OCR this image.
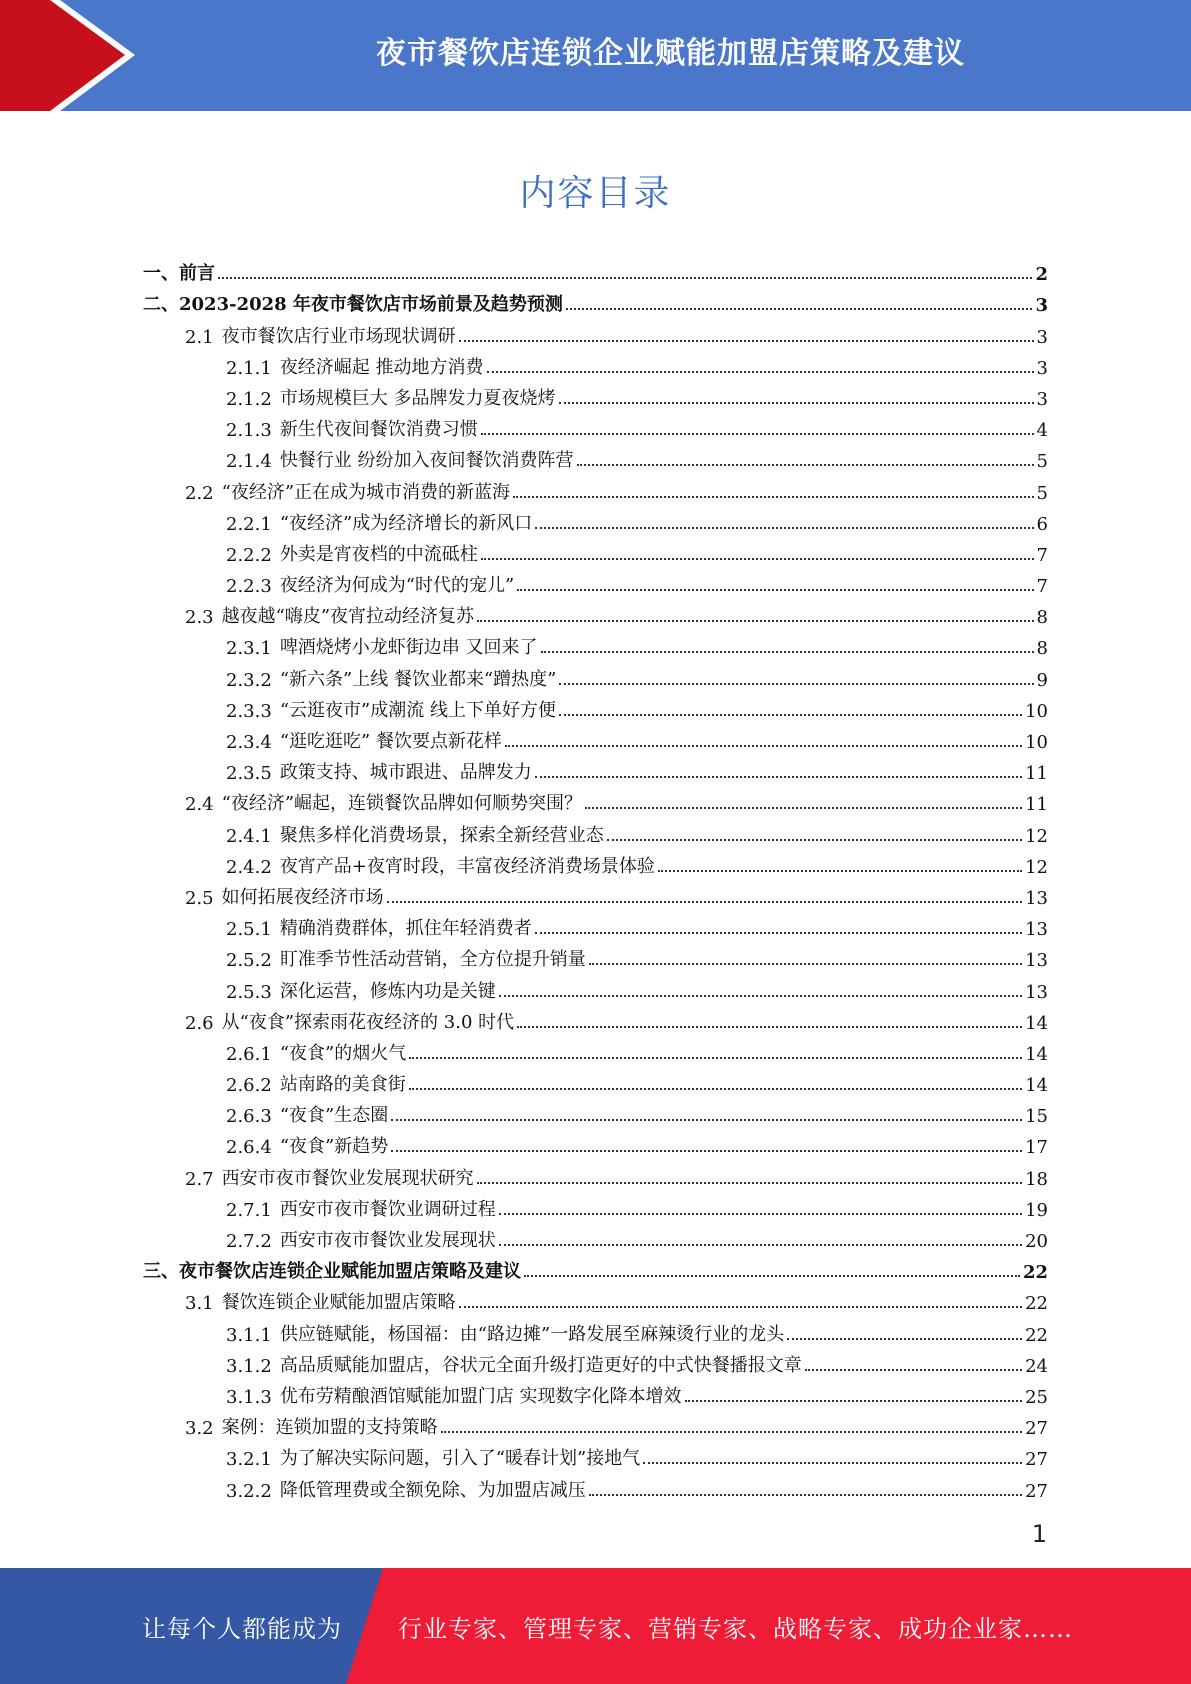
夜市餐饮店连锁企业赋能加盟店策略及建议
内容目录
一、 前言	2
二、 2023-2028 年夜市餐饮店市场前景及趋势预测	3
2.1 夜市餐饮店行业市场现状调研	3
2.1.1 夜经济崛起 推动地方消费	3
2.1.2 市场规模巨大 多品牌发力夏夜烧烤	3
2.1.3 新生代夜间餐饮消费习惯	4
2.1.4 快餐行业 纷纷加入夜间餐饮消费阵营	5
2.2 “夜经济”正在成为城市消费的新蓝海	5
2.2.1 “夜经济”成为经济增长的新风口	6
2.2.2 外卖是宵夜档的中流砥柱	7
2.2.3 夜经济为何成为“时代的宠儿”	7
2.3 越夜越“嗨皮”夜宵拉动经济复苏	8
2.3.1 啤酒烧烤小龙虾街边串 又回来了	8
2.3.2 “新六条”上线 餐饮业都来“蹭热度”	9
2.3.3 “云逛夜市”成潮流 线上下单好方便	10
2.3.4 “逛吃逛吃” 餐饮要点新花样	10
2.3.5 政策支持、城市跟进、品牌发力	11
2.4 “夜经济”崛起，连锁餐饮品牌如何顺势突围？	11
2.4.1 聚焦多样化消费场景，探索全新经营业态	12
2.4.2 夜宵产品+夜宵时段，丰富夜经济消费场景体验	12
2.5 如何拓展夜经济市场	13
2.5.1 精确消费群体，抓住年轻消费者	13
2.5.2 盯准季节性活动营销，全方位提升销量	13
2.5.3 深化运营，修炼内功是关键	13
2.6 从“夜食”探索雨花夜经济的 3.0 时代	14
2.6.1 “夜食”的烟火气	14
2.6.2 站南路的美食街	14
2.6.3 “夜食”生态圈	15
2.6.4 “夜食”新趋势	17
2.7 西安市夜市餐饮业发展现状研究	18
2.7.1 西安市夜市餐饮业调研过程	19
2.7.2 西安市夜市餐饮业发展现状	20
三、 夜市餐饮店连锁企业赋能加盟店策略及建议	22
3.1 餐饮连锁企业赋能加盟店策略	22
3.1.1 供应链赋能，杨国福：由“路边摊”一路发展至麻辣烫行业的龙头	22
3.1.2 高品质赋能加盟店，谷状元全面升级打造更好的中式快餐播报文章	24
3.1.3 优布劳精酿酒馆赋能加盟门店 实现数字化降本增效	25
3.2 案例：连锁加盟的支持策略	27
3.2.1 为了解决实际问题，引入了“暖春计划”接地气	27
3.2.2 降低管理费或全额免除、为加盟店减压	27
1
让每个人都能成为 行业专家、管理专家、营销专家、战略专家、成功企业家……
